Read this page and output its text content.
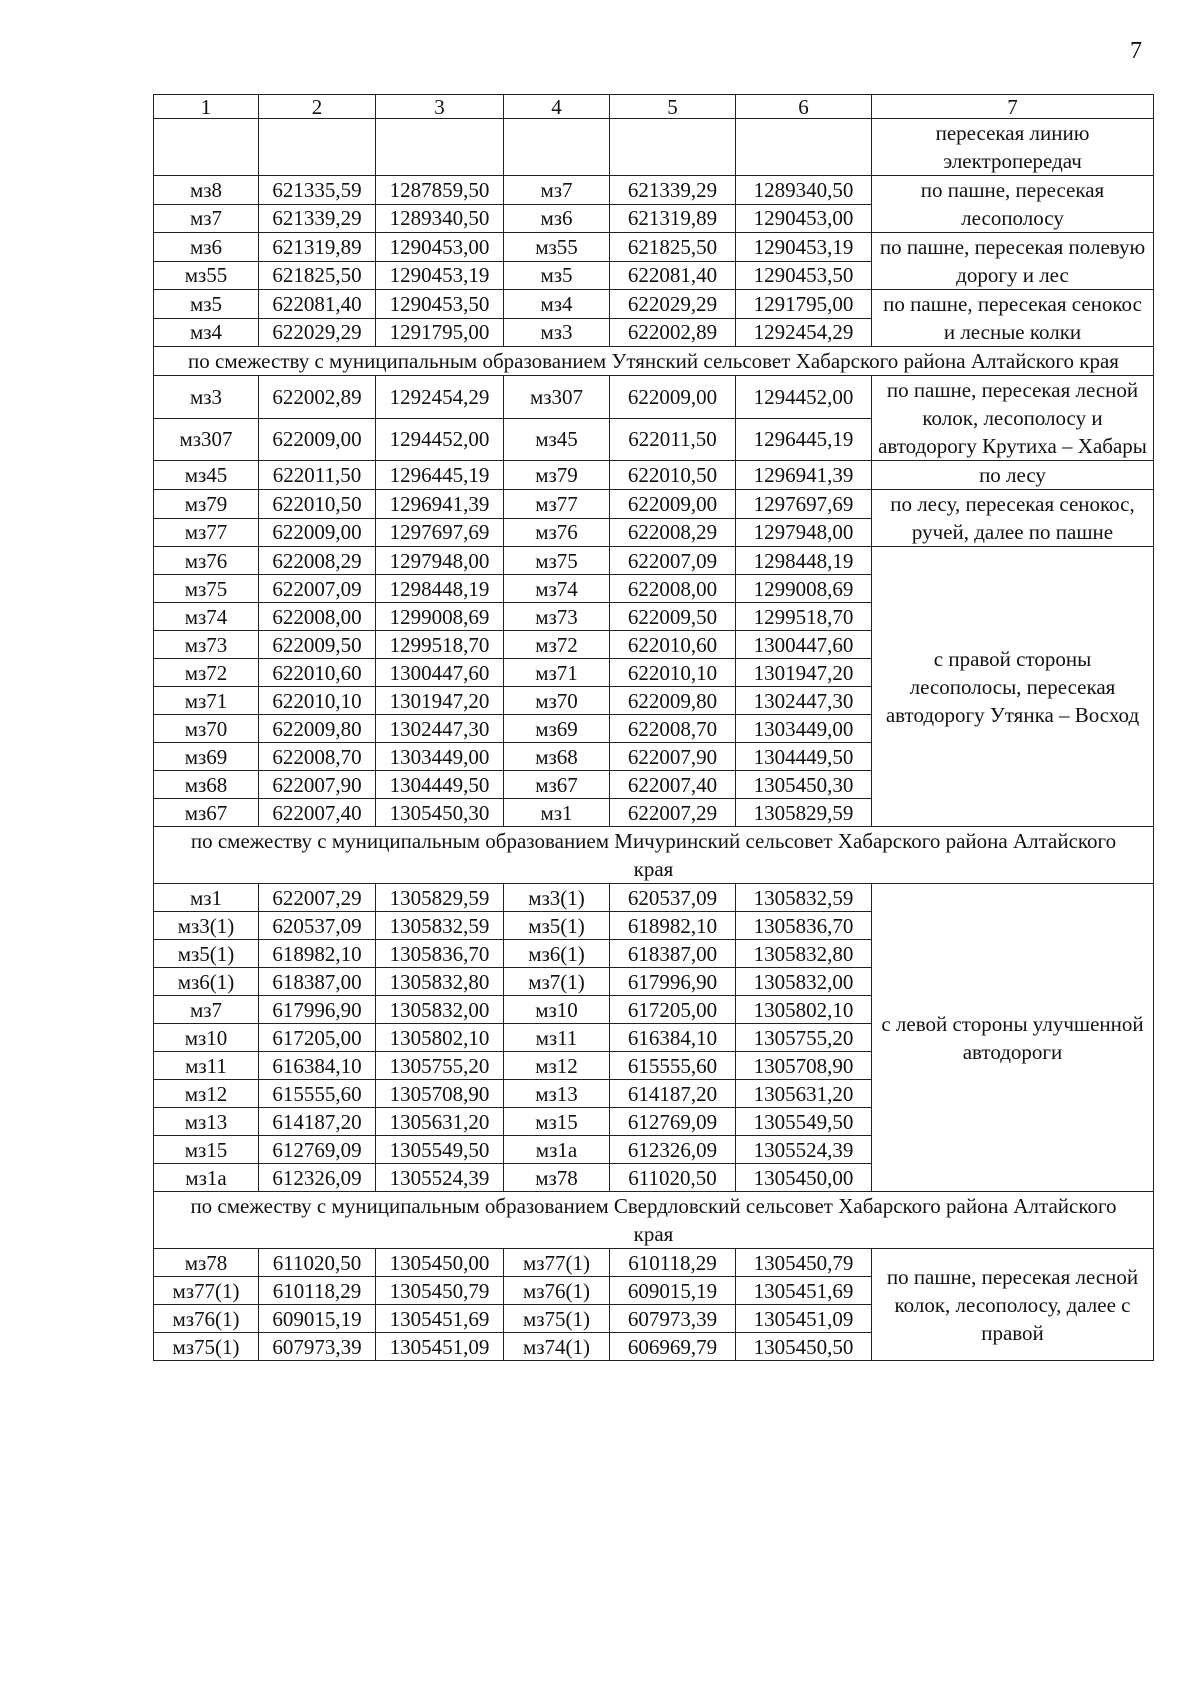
7
1	2	3	4	5	6	7
						пересекая линию электропередач
мз8	621335,59	1287859,50	мз7	621339,29	1289340,50	по пашне, пересекая лесополосу
мз7	621339,29	1289340,50	мз6	621319,89	1290453,00	
мз6	621319,89	1290453,00	мз55	621825,50	1290453,19	по пашне, пересекая полевую дорогу и лес
мз55	621825,50	1290453,19	мз5	622081,40	1290453,50	
мз5	622081,40	1290453,50	мз4	622029,29	1291795,00	по пашне, пересекая сенокос и лесные колки
мз4	622029,29	1291795,00	мз3	622002,89	1292454,29	
по смежеству с муниципальным образованием Утянский сельсовет Хабарского района Алтайского края						
мз3	622002,89	1292454,29	мз307	622009,00	1294452,00	по пашне, пересекая лесной колок, лесополосу и автодорогу Крутиха – Хабары
мз307	622009,00	1294452,00	мз45	622011,50	1296445,19	
мз45	622011,50	1296445,19	мз79	622010,50	1296941,39	по лесу
мз79	622010,50	1296941,39	мз77	622009,00	1297697,69	по лесу, пересекая сенокос, ручей, далее по пашне
мз77	622009,00	1297697,69	мз76	622008,29	1297948,00	
мз76	622008,29	1297948,00	мз75	622007,09	1298448,19	с правой стороны лесополосы, пересекая автодорогу Утянка – Восход
мз75	622007,09	1298448,19	мз74	622008,00	1299008,69	
мз74	622008,00	1299008,69	мз73	622009,50	1299518,70	
мз73	622009,50	1299518,70	мз72	622010,60	1300447,60	
мз72	622010,60	1300447,60	мз71	622010,10	1301947,20	
мз71	622010,10	1301947,20	мз70	622009,80	1302447,30	
мз70	622009,80	1302447,30	мз69	622008,70	1303449,00	
мз69	622008,70	1303449,00	мз68	622007,90	1304449,50	
мз68	622007,90	1304449,50	мз67	622007,40	1305450,30	
мз67	622007,40	1305450,30	мз1	622007,29	1305829,59	
по смежеству с муниципальным образованием Мичуринский сельсовет Хабарского района Алтайского края						
мз1	622007,29	1305829,59	мз3(1)	620537,09	1305832,59	с левой стороны улучшенной автодороги
мз3(1)	620537,09	1305832,59	мз5(1)	618982,10	1305836,70	
мз5(1)	618982,10	1305836,70	мз6(1)	618387,00	1305832,80	
мз6(1)	618387,00	1305832,80	мз7(1)	617996,90	1305832,00	
мз7	617996,90	1305832,00	мз10	617205,00	1305802,10	
мз10	617205,00	1305802,10	мз11	616384,10	1305755,20	
мз11	616384,10	1305755,20	мз12	615555,60	1305708,90	
мз12	615555,60	1305708,90	мз13	614187,20	1305631,20	
мз13	614187,20	1305631,20	мз15	612769,09	1305549,50	
мз15	612769,09	1305549,50	мз1а	612326,09	1305524,39	
мз1а	612326,09	1305524,39	мз78	611020,50	1305450,00	
по смежеству с муниципальным образованием Свердловский сельсовет Хабарского района Алтайского края						
мз78	611020,50	1305450,00	мз77(1)	610118,29	1305450,79	по пашне, пересекая лесной колок, лесополосу, далее с правой
мз77(1)	610118,29	1305450,79	мз76(1)	609015,19	1305451,69	
мз76(1)	609015,19	1305451,69	мз75(1)	607973,39	1305451,09	
мз75(1)	607973,39	1305451,09	мз74(1)	606969,79	1305450,50	
